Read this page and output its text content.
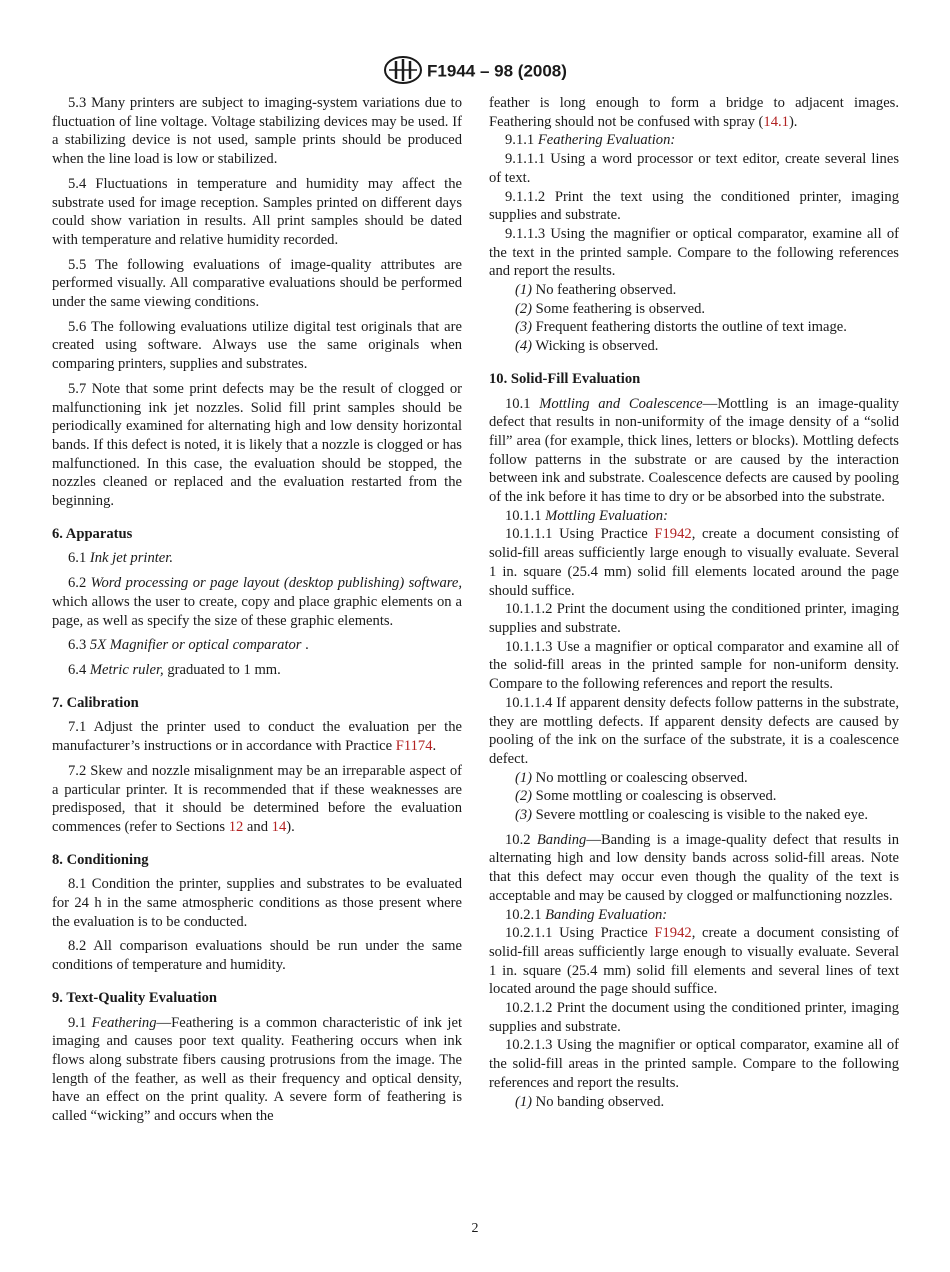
F1944 – 98 (2008)

5.3 Many printers are subject to imaging-system variations due to fluctuation of line voltage. Voltage stabilizing devices may be used. If a stabilizing device is not used, sample prints should be produced when the line load is low or stabilized.

5.4 Fluctuations in temperature and humidity may affect the substrate used for image reception. Samples printed on different days could show variation in results. All print samples should be dated with temperature and relative humidity recorded.

5.5 The following evaluations of image-quality attributes are performed visually. All comparative evaluations should be performed under the same viewing conditions.

5.6 The following evaluations utilize digital test originals that are created using software. Always use the same originals when comparing printers, supplies and substrates.

5.7 Note that some print defects may be the result of clogged or malfunctioning ink jet nozzles. Solid fill print samples should be periodically examined for alternating high and low density horizontal bands. If this defect is noted, it is likely that a nozzle is clogged or has malfunctioned. In this case, the evaluation should be stopped, the nozzles cleaned or replaced and the evaluation restarted from the beginning.

6. Apparatus

6.1 Ink jet printer.

6.2 Word processing or page layout (desktop publishing) software, which allows the user to create, copy and place graphic elements on a page, as well as specify the size of these graphic elements.

6.3 5X Magnifier or optical comparator .

6.4 Metric ruler, graduated to 1 mm.

7. Calibration

7.1 Adjust the printer used to conduct the evaluation per the manufacturer’s instructions or in accordance with Practice F1174.

7.2 Skew and nozzle misalignment may be an irreparable aspect of a particular printer. It is recommended that if these weaknesses are predisposed, that it should be determined before the evaluation commences (refer to Sections 12 and 14).

8. Conditioning

8.1 Condition the printer, supplies and substrates to be evaluated for 24 h in the same atmospheric conditions as those present where the evaluation is to be conducted.

8.2 All comparison evaluations should be run under the same conditions of temperature and humidity.

9. Text-Quality Evaluation

9.1 Feathering—Feathering is a common characteristic of ink jet imaging and causes poor text quality. Feathering occurs when ink flows along substrate fibers causing protrusions from the image. The length of the feather, as well as their frequency and optical density, have an effect on the print quality. A severe form of feathering is called “wicking” and occurs when the

feather is long enough to form a bridge to adjacent images. Feathering should not be confused with spray (14.1).

9.1.1 Feathering Evaluation:

9.1.1.1 Using a word processor or text editor, create several lines of text.

9.1.1.2 Print the text using the conditioned printer, imaging supplies and substrate.

9.1.1.3 Using the magnifier or optical comparator, examine all of the text in the printed sample. Compare to the following references and report the results.

(1) No feathering observed.

(2) Some feathering is observed.

(3) Frequent feathering distorts the outline of text image.

(4) Wicking is observed.

10. Solid-Fill Evaluation

10.1 Mottling and Coalescence—Mottling is an image-quality defect that results in non-uniformity of the image density of a “solid fill” area (for example, thick lines, letters or blocks). Mottling defects follow patterns in the substrate or are caused by the interaction between ink and substrate. Coalescence defects are caused by pooling of the ink before it has time to dry or be absorbed into the substrate.

10.1.1 Mottling Evaluation:

10.1.1.1 Using Practice F1942, create a document consisting of solid-fill areas sufficiently large enough to visually evaluate. Several 1 in. square (25.4 mm) solid fill elements located around the page should suffice.

10.1.1.2 Print the document using the conditioned printer, imaging supplies and substrate.

10.1.1.3 Use a magnifier or optical comparator and examine all of the solid-fill areas in the printed sample for non-uniform density. Compare to the following references and report the results.

10.1.1.4 If apparent density defects follow patterns in the substrate, they are mottling defects. If apparent density defects are caused by pooling of the ink on the surface of the substrate, it is a coalescence defect.

(1) No mottling or coalescing observed.

(2) Some mottling or coalescing is observed.

(3) Severe mottling or coalescing is visible to the naked eye.

10.2 Banding—Banding is a image-quality defect that results in alternating high and low density bands across solid-fill areas. Note that this defect may occur even though the quality of the text is acceptable and may be caused by clogged or malfunctioning nozzles.

10.2.1 Banding Evaluation:

10.2.1.1 Using Practice F1942, create a document consisting of solid-fill areas sufficiently large enough to visually evaluate. Several 1 in. square (25.4 mm) solid fill elements and several lines of text located around the page should suffice.

10.2.1.2 Print the document using the conditioned printer, imaging supplies and substrate.

10.2.1.3 Using the magnifier or optical comparator, examine all of the solid-fill areas in the printed sample. Compare to the following references and report the results.

(1) No banding observed.

2
